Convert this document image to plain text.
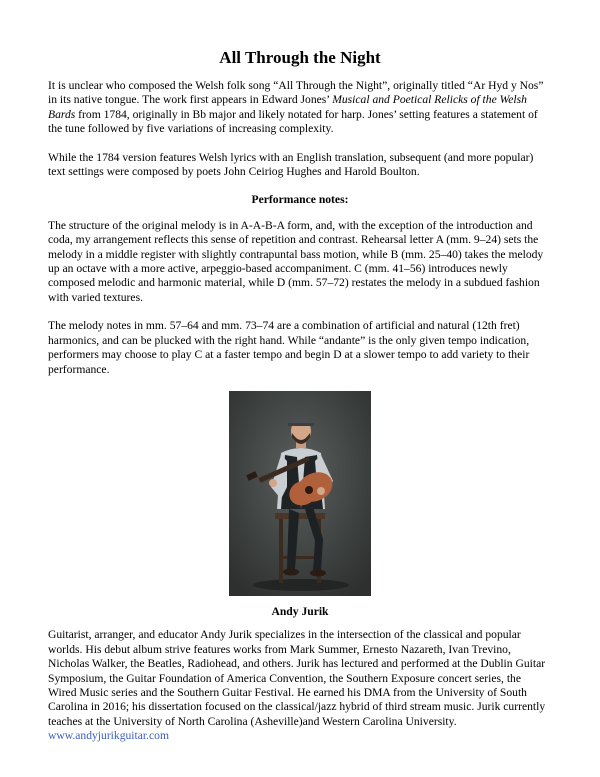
All Through the Night

It is unclear who composed the Welsh folk song “All Through the Night”, originally titled “Ar Hyd y Nos” in its native tongue. The work first appears in Edward Jones’ Musical and Poetical Relicks of the Welsh Bards from 1784, originally in Bb major and likely notated for harp. Jones’ setting features a statement of the tune followed by five variations of increasing complexity.

While the 1784 version features Welsh lyrics with an English translation, subsequent (and more popular) text settings were composed by poets John Ceiriog Hughes and Harold Boulton.

Performance notes:

The structure of the original melody is in A-A-B-A form, and, with the exception of the introduction and coda, my arrangement reflects this sense of repetition and contrast. Rehearsal letter A (mm. 9–24) sets the melody in a middle register with slightly contrapuntal bass motion, while B (mm. 25–40) takes the melody up an octave with a more active, arpeggio-based accompaniment. C (mm. 41–56) introduces newly composed melodic and harmonic material, while D (mm. 57–72) restates the melody in a subdued fashion with varied textures.

The melody notes in mm. 57–64 and mm. 73–74 are a combination of artificial and natural (12th fret) harmonics, and can be plucked with the right hand. While “andante” is the only given tempo indication, performers may choose to play C at a faster tempo and begin D at a slower tempo to add variety to their performance.

Andy Jurik

Guitarist, arranger, and educator Andy Jurik specializes in the intersection of the classical and popular worlds. His debut album strive features works from Mark Summer, Ernesto Nazareth, Ivan Trevino, Nicholas Walker, the Beatles, Radiohead, and others. Jurik has lectured and performed at the Dublin Guitar Symposium, the Guitar Foundation of America Convention, the Southern Exposure concert series, the Wired Music series and the Southern Guitar Festival. He earned his DMA from the University of South Carolina in 2016; his dissertation focused on the classical/jazz hybrid of third stream music. Jurik currently teaches at the University of North Carolina (Asheville)and Western Carolina University.
www.andyjurikguitar.com
